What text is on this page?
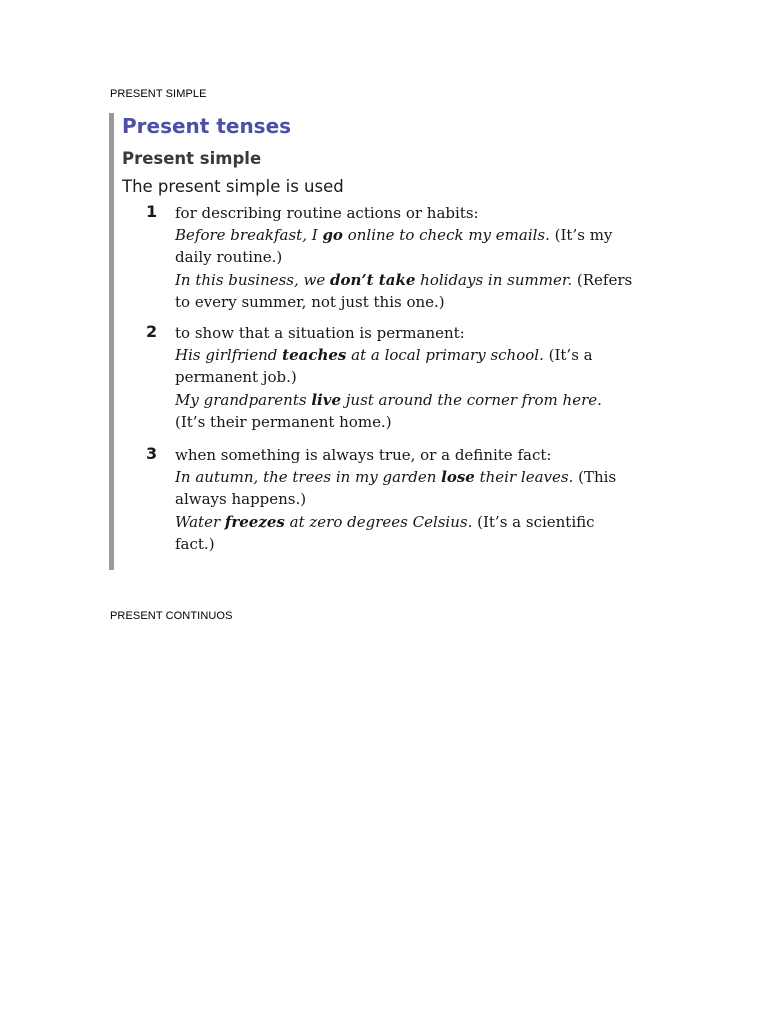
PRESENT SIMPLE
Present tenses
Present simple
The present simple is used
1 for describing routine actions or habits:
Before breakfast, I go online to check my emails. (It’s my
daily routine.)
In this business, we don’t take holidays in summer. (Refers
to every summer, not just this one.)
2 to show that a situation is permanent:
His girlfriend teaches at a local primary school. (It’s a
permanent job.)
My grandparents live just around the corner from here.
(It’s their permanent home.)
3 when something is always true, or a definite fact:
In autumn, the trees in my garden lose their leaves. (This
always happens.)
Water freezes at zero degrees Celsius. (It’s a scientific
fact.)
PRESENT CONTINUOS
